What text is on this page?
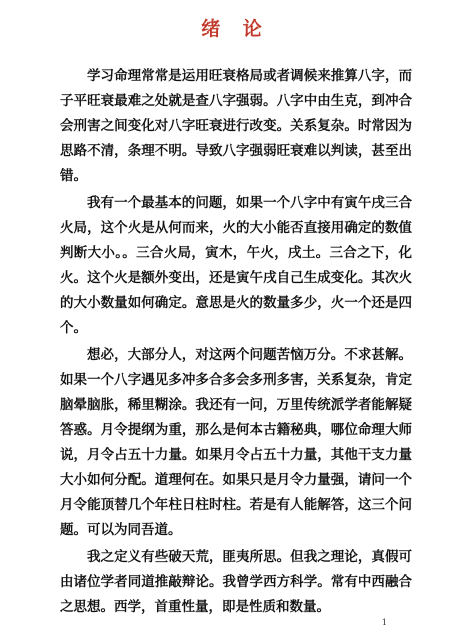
绪 论

学习命理常常是运用旺衰格局或者调候来推算八字，而子平旺衰最难之处就是查八字强弱。八字中由生克，到冲合会刑害之间变化对八字旺衰进行改变。关系复杂。时常因为思路不清，条理不明。导致八字强弱旺衰难以判读，甚至出错。

我有一个最基本的问题，如果一个八字中有寅午戌三合火局，这个火是从何而来，火的大小能否直接用确定的数值判断大小。。三合火局，寅木，午火，戌土。三合之下，化火。这个火是额外变出，还是寅午戌自己生成变化。其次火的大小数量如何确定。意思是火的数量多少，火一个还是四个。

想必，大部分人，对这两个问题苦恼万分。不求甚解。如果一个八字遇见多冲多合多会多刑多害，关系复杂，肯定脑晕脑胀，稀里糊涂。我还有一问，万里传统派学者能解疑答惑。月令提纲为重，那么是何本古籍秘典，哪位命理大师说，月令占五十力量。如果月令占五十力量，其他干支力量大小如何分配。道理何在。如果只是月令力量强，请问一个月令能顶替几个年柱日柱时柱。若是有人能解答，这三个问题。可以为同吾道。

我之定义有些破天荒，匪夷所思。但我之理论，真假可由诸位学者同道推敲辩论。我曾学西方科学。常有中西融合之思想。西学，首重性量，即是性质和数量。

1
